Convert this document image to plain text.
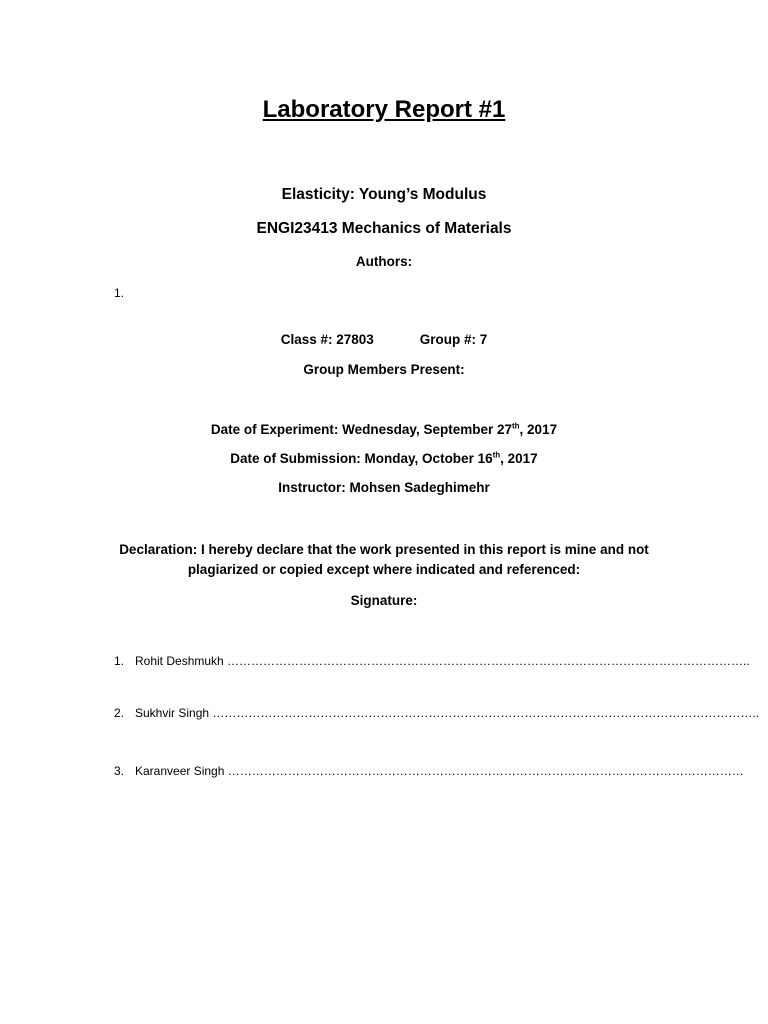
Laboratory Report #1
Elasticity: Young’s Modulus
ENGI23413 Mechanics of Materials
Authors:
1.
Class #: 27803	Group #: 7
Group Members Present:
Date of Experiment: Wednesday, September 27th, 2017
Date of Submission: Monday, October 16th, 2017
Instructor: Mohsen Sadeghimehr
Declaration: I hereby declare that the work presented in this report is mine and not
plagiarized or copied except where indicated and referenced:
Signature:
1. Rohit Deshmukh …………………………………………………………………………………………………………………..
2. Sukhvir Singh ………………………………………………………………………………………………………………………..
3. Karanveer Singh …………………………………………………………………………………………………………………
